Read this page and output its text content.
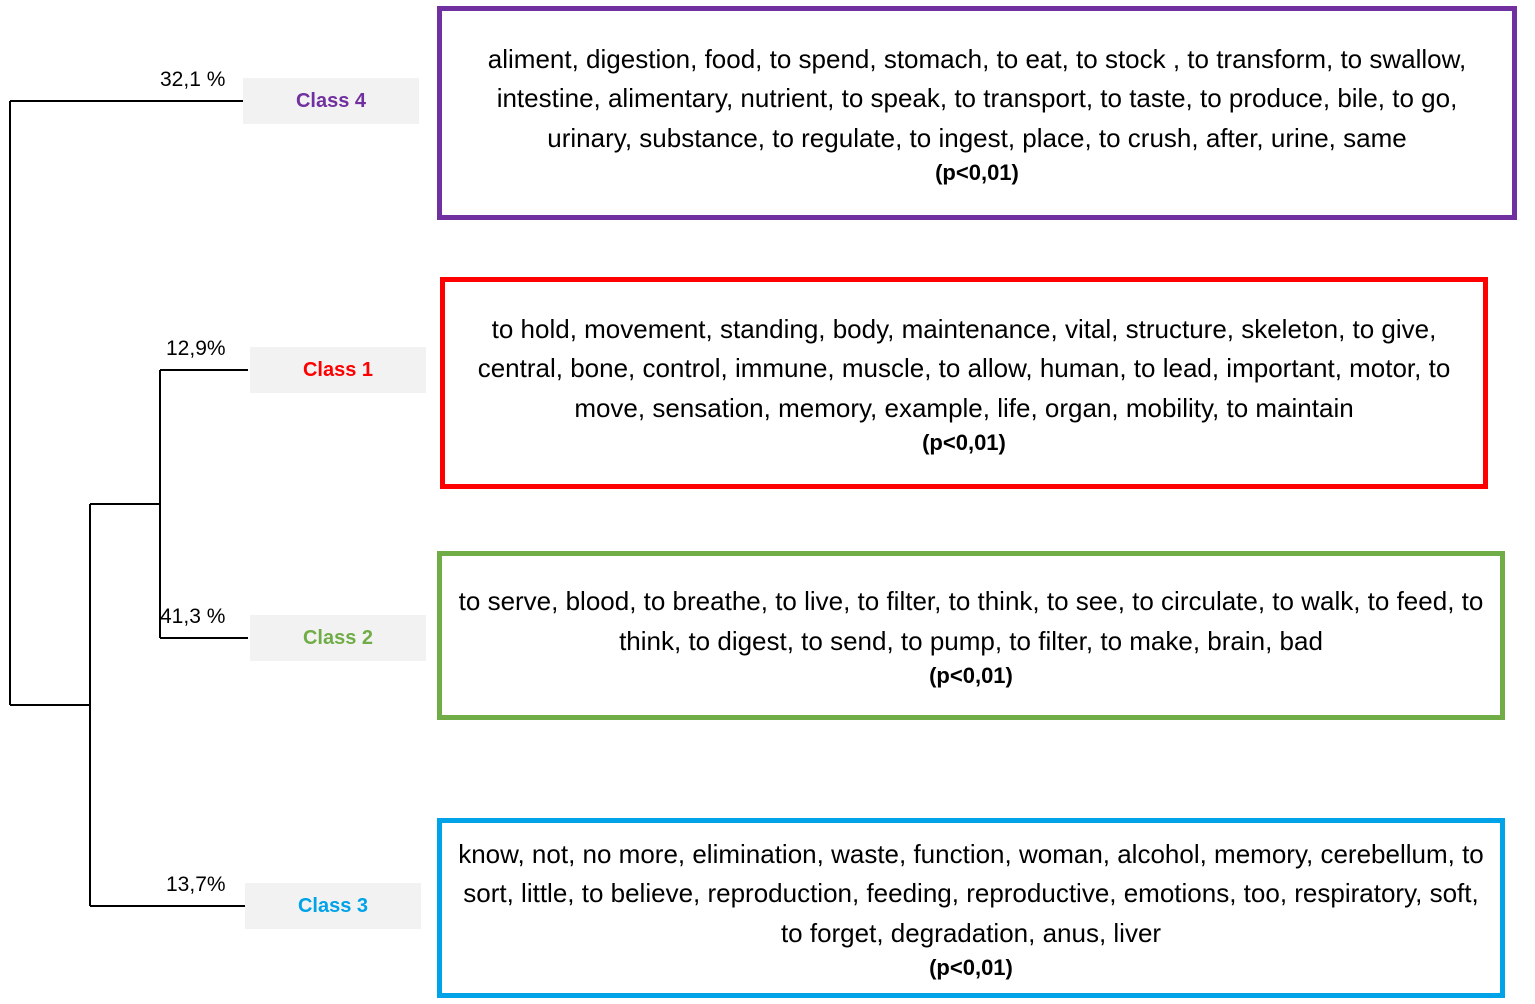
32,1 %
12,9%
41,3 %
13,7%
Class 4
Class 1
Class 2
Class 3
aliment, digestion, food, to spend, stomach, to eat, to stock , to transform, to swallow, intestine, alimentary, nutrient, to speak, to transport, to taste, to produce, bile, to go, urinary, substance, to regulate, to ingest, place, to crush, after, urine, same
(p<0,01)
to hold, movement, standing, body, maintenance, vital, structure, skeleton, to give, central, bone, control, immune, muscle, to allow, human, to lead, important, motor, to move, sensation, memory, example, life, organ, mobility, to maintain
(p<0,01)
to serve, blood, to breathe, to live, to filter, to think, to see, to circulate, to walk, to feed, to think, to digest, to send, to pump, to filter, to make, brain, bad
(p<0,01)
know, not, no more, elimination, waste, function, woman, alcohol, memory, cerebellum, to sort, little, to believe, reproduction, feeding, reproductive, emotions, too, respiratory, soft, to forget, degradation, anus, liver
(p<0,01)
